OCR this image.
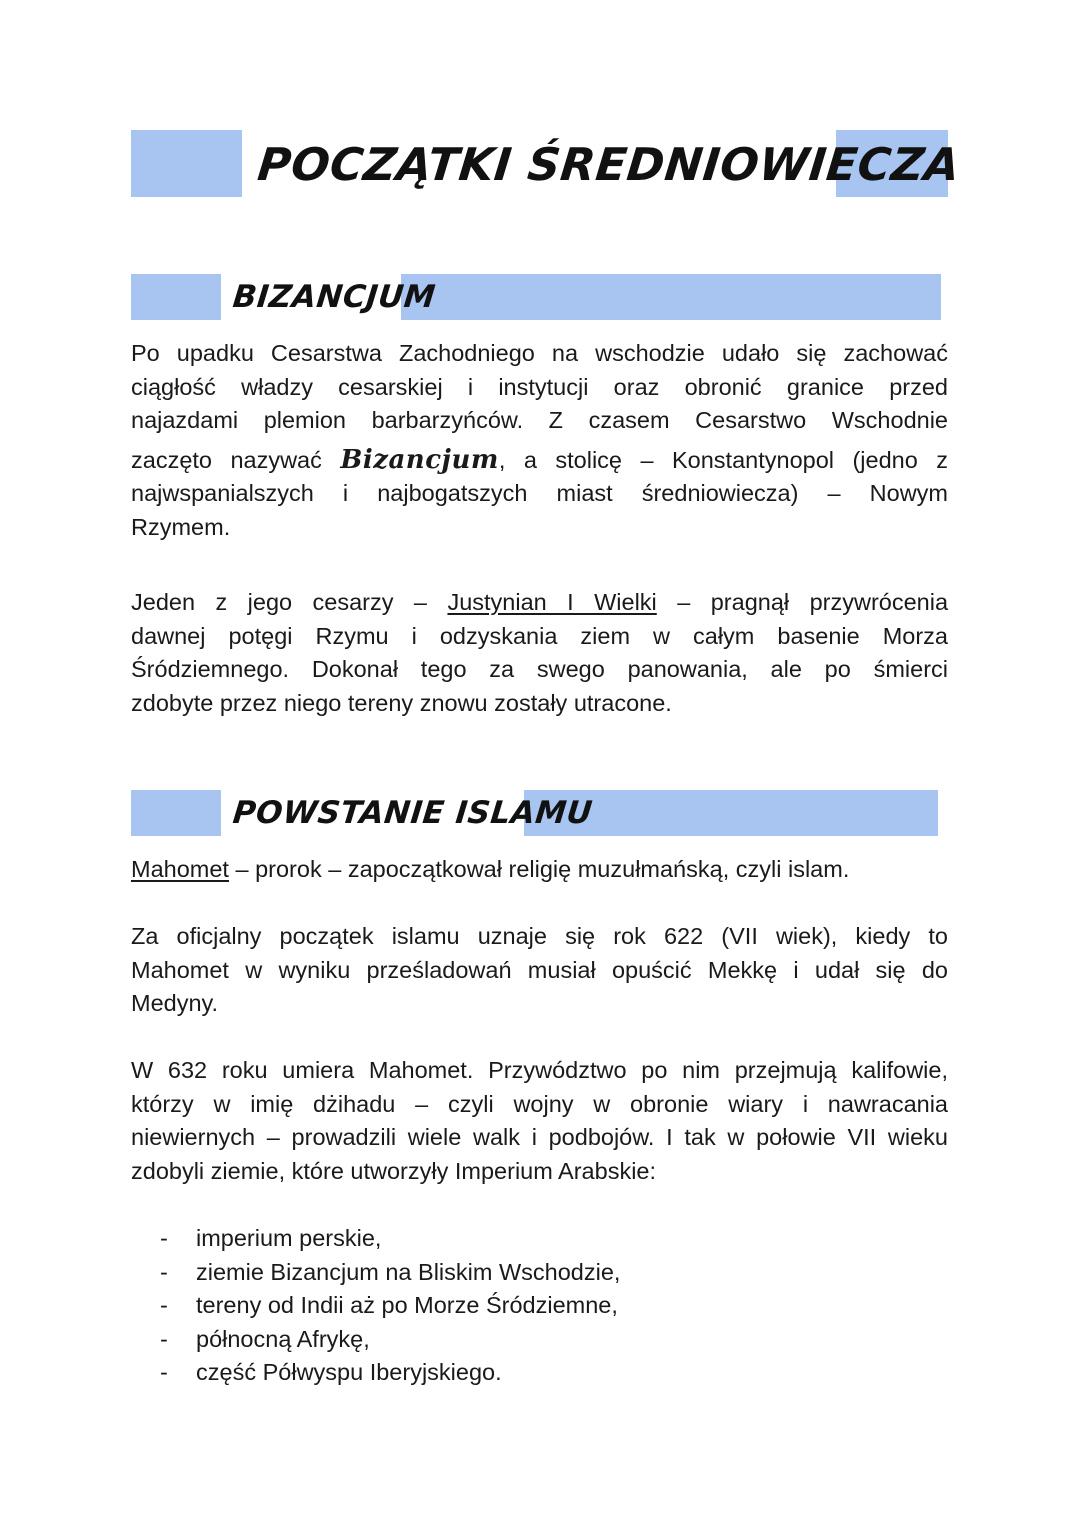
POCZĄTKI ŚREDNIOWIECZA
BIZANCJUM
Po upadku Cesarstwa Zachodniego na wschodzie udało się zachować
ciągłość władzy cesarskiej i instytucji oraz obronić granice przed
najazdami plemion barbarzyńców. Z czasem Cesarstwo Wschodnie
zaczęto nazywać Bizancjum, a stolicę – Konstantynopol (jedno z
najwspanialszych i najbogatszych miast średniowiecza) – Nowym
Rzymem.
Jeden z jego cesarzy – Justynian I Wielki – pragnął przywrócenia
dawnej potęgi Rzymu i odzyskania ziem w całym basenie Morza
Śródziemnego. Dokonał tego za swego panowania, ale po śmierci
zdobyte przez niego tereny znowu zostały utracone.
POWSTANIE ISLAMU
Mahomet – prorok – zapoczątkował religię muzułmańską, czyli islam.
Za oficjalny początek islamu uznaje się rok 622 (VII wiek), kiedy to
Mahomet w wyniku prześladowań musiał opuścić Mekkę i udał się do
Medyny.
W 632 roku umiera Mahomet. Przywództwo po nim przejmują kalifowie,
którzy w imię dżihadu – czyli wojny w obronie wiary i nawracania
niewiernych – prowadzili wiele walk i podbojów. I tak w połowie VII wieku
zdobyli ziemie, które utworzyły Imperium Arabskie:
- imperium perskie,
- ziemie Bizancjum na Bliskim Wschodzie,
- tereny od Indii aż po Morze Śródziemne,
- północną Afrykę,
- część Półwyspu Iberyjskiego.
